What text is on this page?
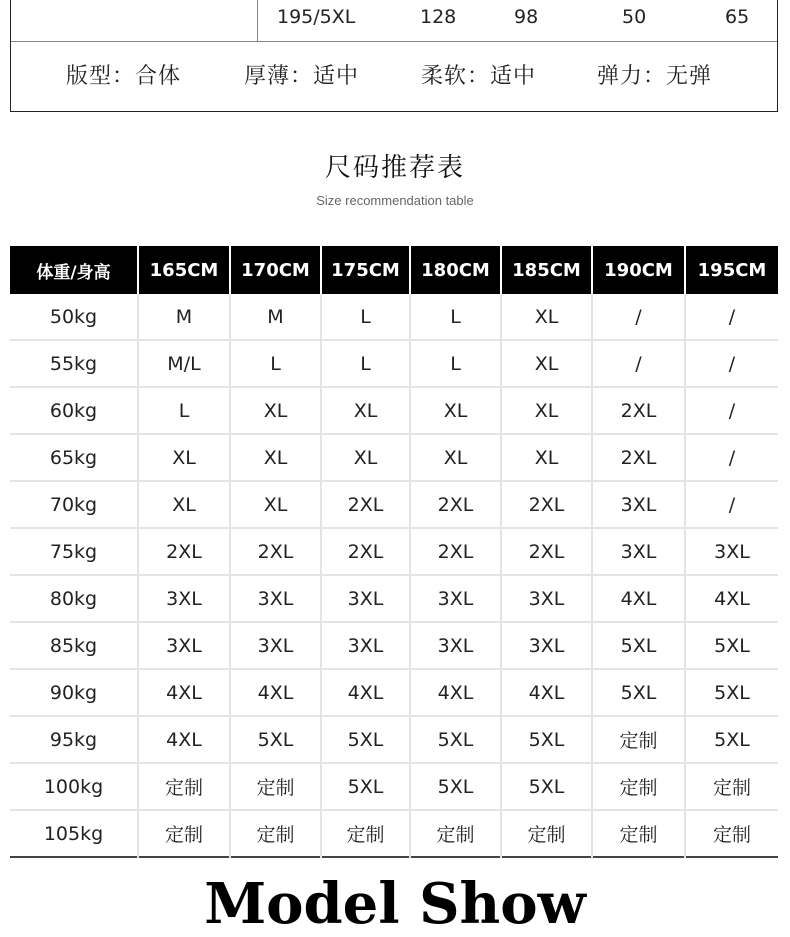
195/5XL	128	98	50	65
版型：合体	厚薄：适中	柔软：适中	弹力：无弹
尺码推荐表
Size recommendation table
体重/身高	165CM	170CM	175CM	180CM	185CM	190CM	195CM
50kg	M	M	L	L	XL	/	/
55kg	M/L	L	L	L	XL	/	/
60kg	L	XL	XL	XL	XL	2XL	/
65kg	XL	XL	XL	XL	XL	2XL	/
70kg	XL	XL	2XL	2XL	2XL	3XL	/
75kg	2XL	2XL	2XL	2XL	2XL	3XL	3XL
80kg	3XL	3XL	3XL	3XL	3XL	4XL	4XL
85kg	3XL	3XL	3XL	3XL	3XL	5XL	5XL
90kg	4XL	4XL	4XL	4XL	4XL	5XL	5XL
95kg	4XL	5XL	5XL	5XL	5XL	定制	5XL
100kg	定制	定制	5XL	5XL	5XL	定制	定制
105kg	定制	定制	定制	定制	定制	定制	定制
Model Show
